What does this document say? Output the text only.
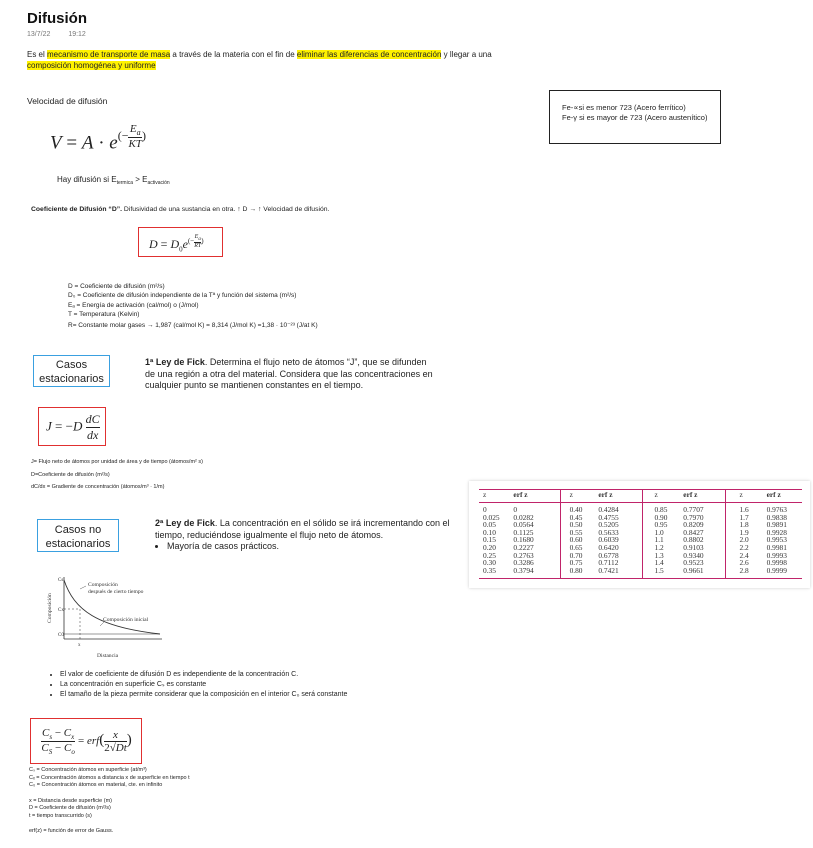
Difusión
13/7/22	19:12
Es el mecanismo de transporte de masa a través de la materia con el fin de eliminar las diferencias de concentración y llegar a una composición homogénea y uniforme
Velocidad de difusión
$V = A \cdot e(- \frac{E_a}{KT}$ )
Hay difusión si $E_{termica} > E_{activación}$
Fe-∝si es menor 723 (Acero ferrítico)
Fe-γ si es mayor de 723 (Acero austenítico)
Coeficiente de Difusión “D”. Difusividad de una sustancia en otra. ↑ D → ↑ Velocidad de difusión.
$D = D_0e(- \frac{E_a}{RT}$ )
D = Coeficiente de difusión (m²/s)
D₀ = Coeficiente de difusión independiente de la Tª y función del sistema (m²/s)
Eₐ = Energía de activación (cal/mol) o (J/mol)
T = Temperatura (Kelvin)
R= Constante molar gases → 1,987 (cal/mol K) = 8,314 (J/mol K) =1,38 · 10⁻²³ (J/at K)
Casos estacionarios
1ª Ley de Fick. Determina el flujo neto de átomos “J”, que se difunden de una región a otra del material. Considera que las concentraciones en cualquier punto se mantienen constantes en el tiempo.
$J = -D \frac{dC}{dx}$
J= Flujo neto de átomos por unidad de área y de tiempo (átomos/m² s)
D=Coeficiente de difusión (m²/s)
dC/dx = Gradiente de concentración (átomos/m³ · 1/m)
Casos no estacionarios
2ª Ley de Fick. La concentración en el sólido se irá incrementando con el tiempo, reduciéndose igualmente el flujo neto de átomos.
• Mayoría de casos prácticos.
Cs
Cx
C0
x
Composición
después de cierto tiempo
Composición inicial
Distancia
Composición
• El valor de coeficiente de difusión D es independiente de la concentración C.
• La concentración en superficie Cₛ es constante
• El tamaño de la pieza permite considerar que la composición en el interior C₀ será constante
$\frac{C_s - C_x}{C_S - C_o} = erf( \frac{x}{2√Dt}$ )
Cₛ = Concentración átomos en superficie (at/m³)
Cₓ = Concentración átomos a distancia x de superficie en tiempo t
C₀ = Concentración átomos en material, cte. en infinito
x = Distancia desde superficie (m)
D = Coeficiente de difusión (m²/s)
t = tiempo transcurrido (s)
erf(z) = función de error de Gauss.
z	erf z	z	erf z	z	erf z	z	erf z
0	0	0.40	0.4284	0.85	0.7707	1.6	0.9763
0.025	0.0282	0.45	0.4755	0.90	0.7970	1.7	0.9838
0.05	0.0564	0.50	0.5205	0.95	0.8209	1.8	0.9891
0.10	0.1125	0.55	0.5633	1.0	0.8427	1.9	0.9928
0.15	0.1680	0.60	0.6039	1.1	0.8802	2.0	0.9953
0.20	0.2227	0.65	0.6420	1.2	0.9103	2.2	0.9981
0.25	0.2763	0.70	0.6778	1.3	0.9340	2.4	0.9993
0.30	0.3286	0.75	0.7112	1.4	0.9523	2.6	0.9998
0.35	0.3794	0.80	0.7421	1.5	0.9661	2.8	0.9999
